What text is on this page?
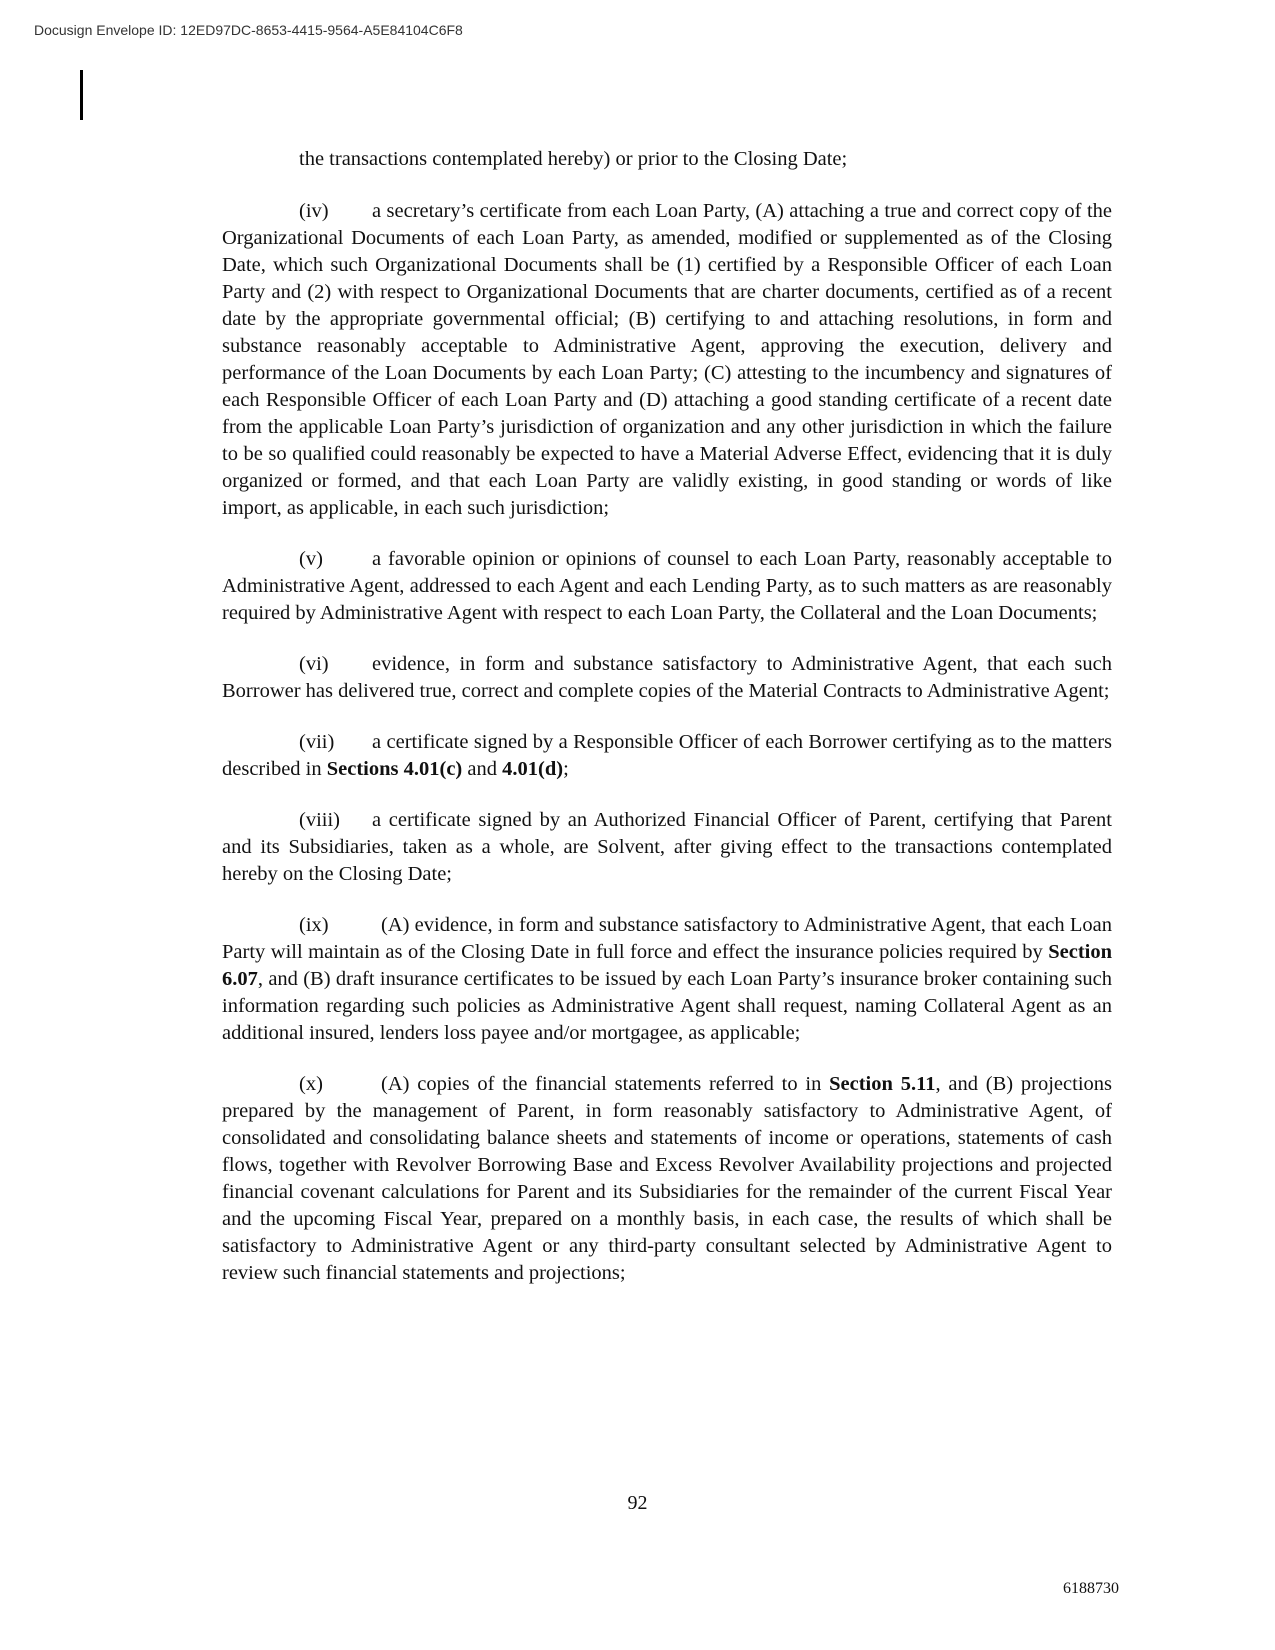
Docusign Envelope ID: 12ED97DC-8653-4415-9564-A5E84104C6F8

the transactions contemplated hereby) or prior to the Closing Date;

(iv) a secretary’s certificate from each Loan Party, (A) attaching a true and correct copy of the Organizational Documents of each Loan Party, as amended, modified or supplemented as of the Closing Date, which such Organizational Documents shall be (1) certified by a Responsible Officer of each Loan Party and (2) with respect to Organizational Documents that are charter documents, certified as of a recent date by the appropriate governmental official; (B) certifying to and attaching resolutions, in form and substance reasonably acceptable to Administrative Agent, approving the execution, delivery and performance of the Loan Documents by each Loan Party; (C) attesting to the incumbency and signatures of each Responsible Officer of each Loan Party and (D) attaching a good standing certificate of a recent date from the applicable Loan Party’s jurisdiction of organization and any other jurisdiction in which the failure to be so qualified could reasonably be expected to have a Material Adverse Effect, evidencing that it is duly organized or formed, and that each Loan Party are validly existing, in good standing or words of like import, as applicable, in each such jurisdiction;

(v) a favorable opinion or opinions of counsel to each Loan Party, reasonably acceptable to Administrative Agent, addressed to each Agent and each Lending Party, as to such matters as are reasonably required by Administrative Agent with respect to each Loan Party, the Collateral and the Loan Documents;

(vi) evidence, in form and substance satisfactory to Administrative Agent, that each such Borrower has delivered true, correct and complete copies of the Material Contracts to Administrative Agent;

(vii) a certificate signed by a Responsible Officer of each Borrower certifying as to the matters described in Sections 4.01(c) and 4.01(d);

(viii) a certificate signed by an Authorized Financial Officer of Parent, certifying that Parent and its Subsidiaries, taken as a whole, are Solvent, after giving effect to the transactions contemplated hereby on the Closing Date;

(ix)	(A) evidence, in form and substance satisfactory to Administrative Agent, that each Loan Party will maintain as of the Closing Date in full force and effect the insurance policies required by Section 6.07, and (B) draft insurance certificates to be issued by each Loan Party’s insurance broker containing such information regarding such policies as Administrative Agent shall request, naming Collateral Agent as an additional insured, lenders loss payee and/or mortgagee, as applicable;

(x)	(A) copies of the financial statements referred to in Section 5.11, and (B) projections prepared by the management of Parent, in form reasonably satisfactory to Administrative Agent, of consolidated and consolidating balance sheets and statements of income or operations, statements of cash flows, together with Revolver Borrowing Base and Excess Revolver Availability projections and projected financial covenant calculations for Parent and its Subsidiaries for the remainder of the current Fiscal Year and the upcoming Fiscal Year, prepared on a monthly basis, in each case, the results of which shall be satisfactory to Administrative Agent or any third-party consultant selected by Administrative Agent to review such financial statements and projections;

92
6188730
